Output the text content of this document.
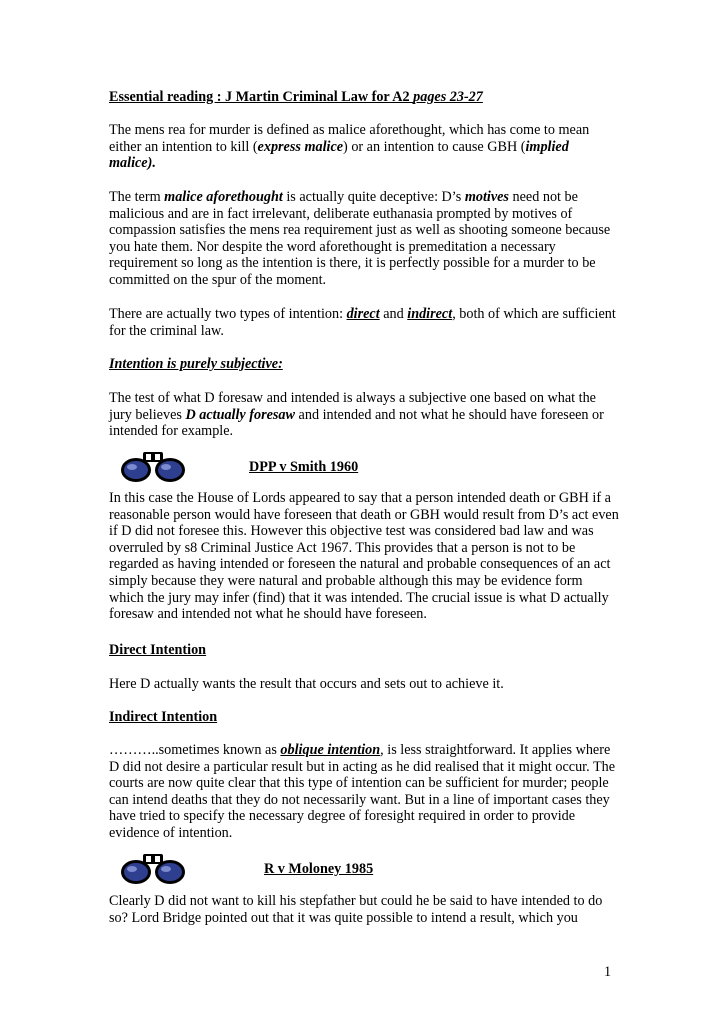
Essential reading : J Martin Criminal Law for A2 pages 23-27

The mens rea for murder is defined as malice aforethought, which has come to mean either an intention to kill (express malice) or an intention to cause GBH (implied malice).

The term malice aforethought is actually quite deceptive: D’s motives need not be malicious and are in fact irrelevant, deliberate euthanasia prompted by motives of compassion satisfies the mens rea requirement just as well as shooting someone because you hate them. Nor despite the word aforethought is premeditation a necessary requirement so long as the intention is there, it is perfectly possible for a murder to be committed on the spur of the moment.

There are actually two types of intention: direct and indirect, both of which are sufficient for the criminal law.

Intention is purely subjective:

The test of what D foresaw and intended is always a subjective one based on what the jury believes D actually foresaw and intended and not what he should have foreseen or intended for example.

DPP v Smith 1960

In this case the House of Lords appeared to say that a person intended death or GBH if a reasonable person would have foreseen that death or GBH would result from D’s act even if D did not foresee this. However this objective test was considered bad law and was overruled by s8 Criminal Justice Act 1967. This provides that a person is not to be regarded as having intended or foreseen the natural and probable consequences of an act simply because they were natural and probable although this may be evidence form which the jury may infer (find) that it was intended. The crucial issue is what D actually foresaw and intended not what he should have foreseen.

Direct Intention

Here D actually wants the result that occurs and sets out to achieve it.

Indirect Intention

………..sometimes known as oblique intention, is less straightforward. It applies where D did not desire a particular result but in acting as he did realised that it might occur. The courts are now quite clear that this type of intention can be sufficient for murder; people can intend deaths that they do not necessarily want. But in a line of important cases they have tried to specify the necessary degree of foresight required in order to provide evidence of intention.

R v Moloney 1985

Clearly D did not want to kill his stepfather but could he be said to have intended to do so? Lord Bridge pointed out that it was quite possible to intend a result, which you

1
